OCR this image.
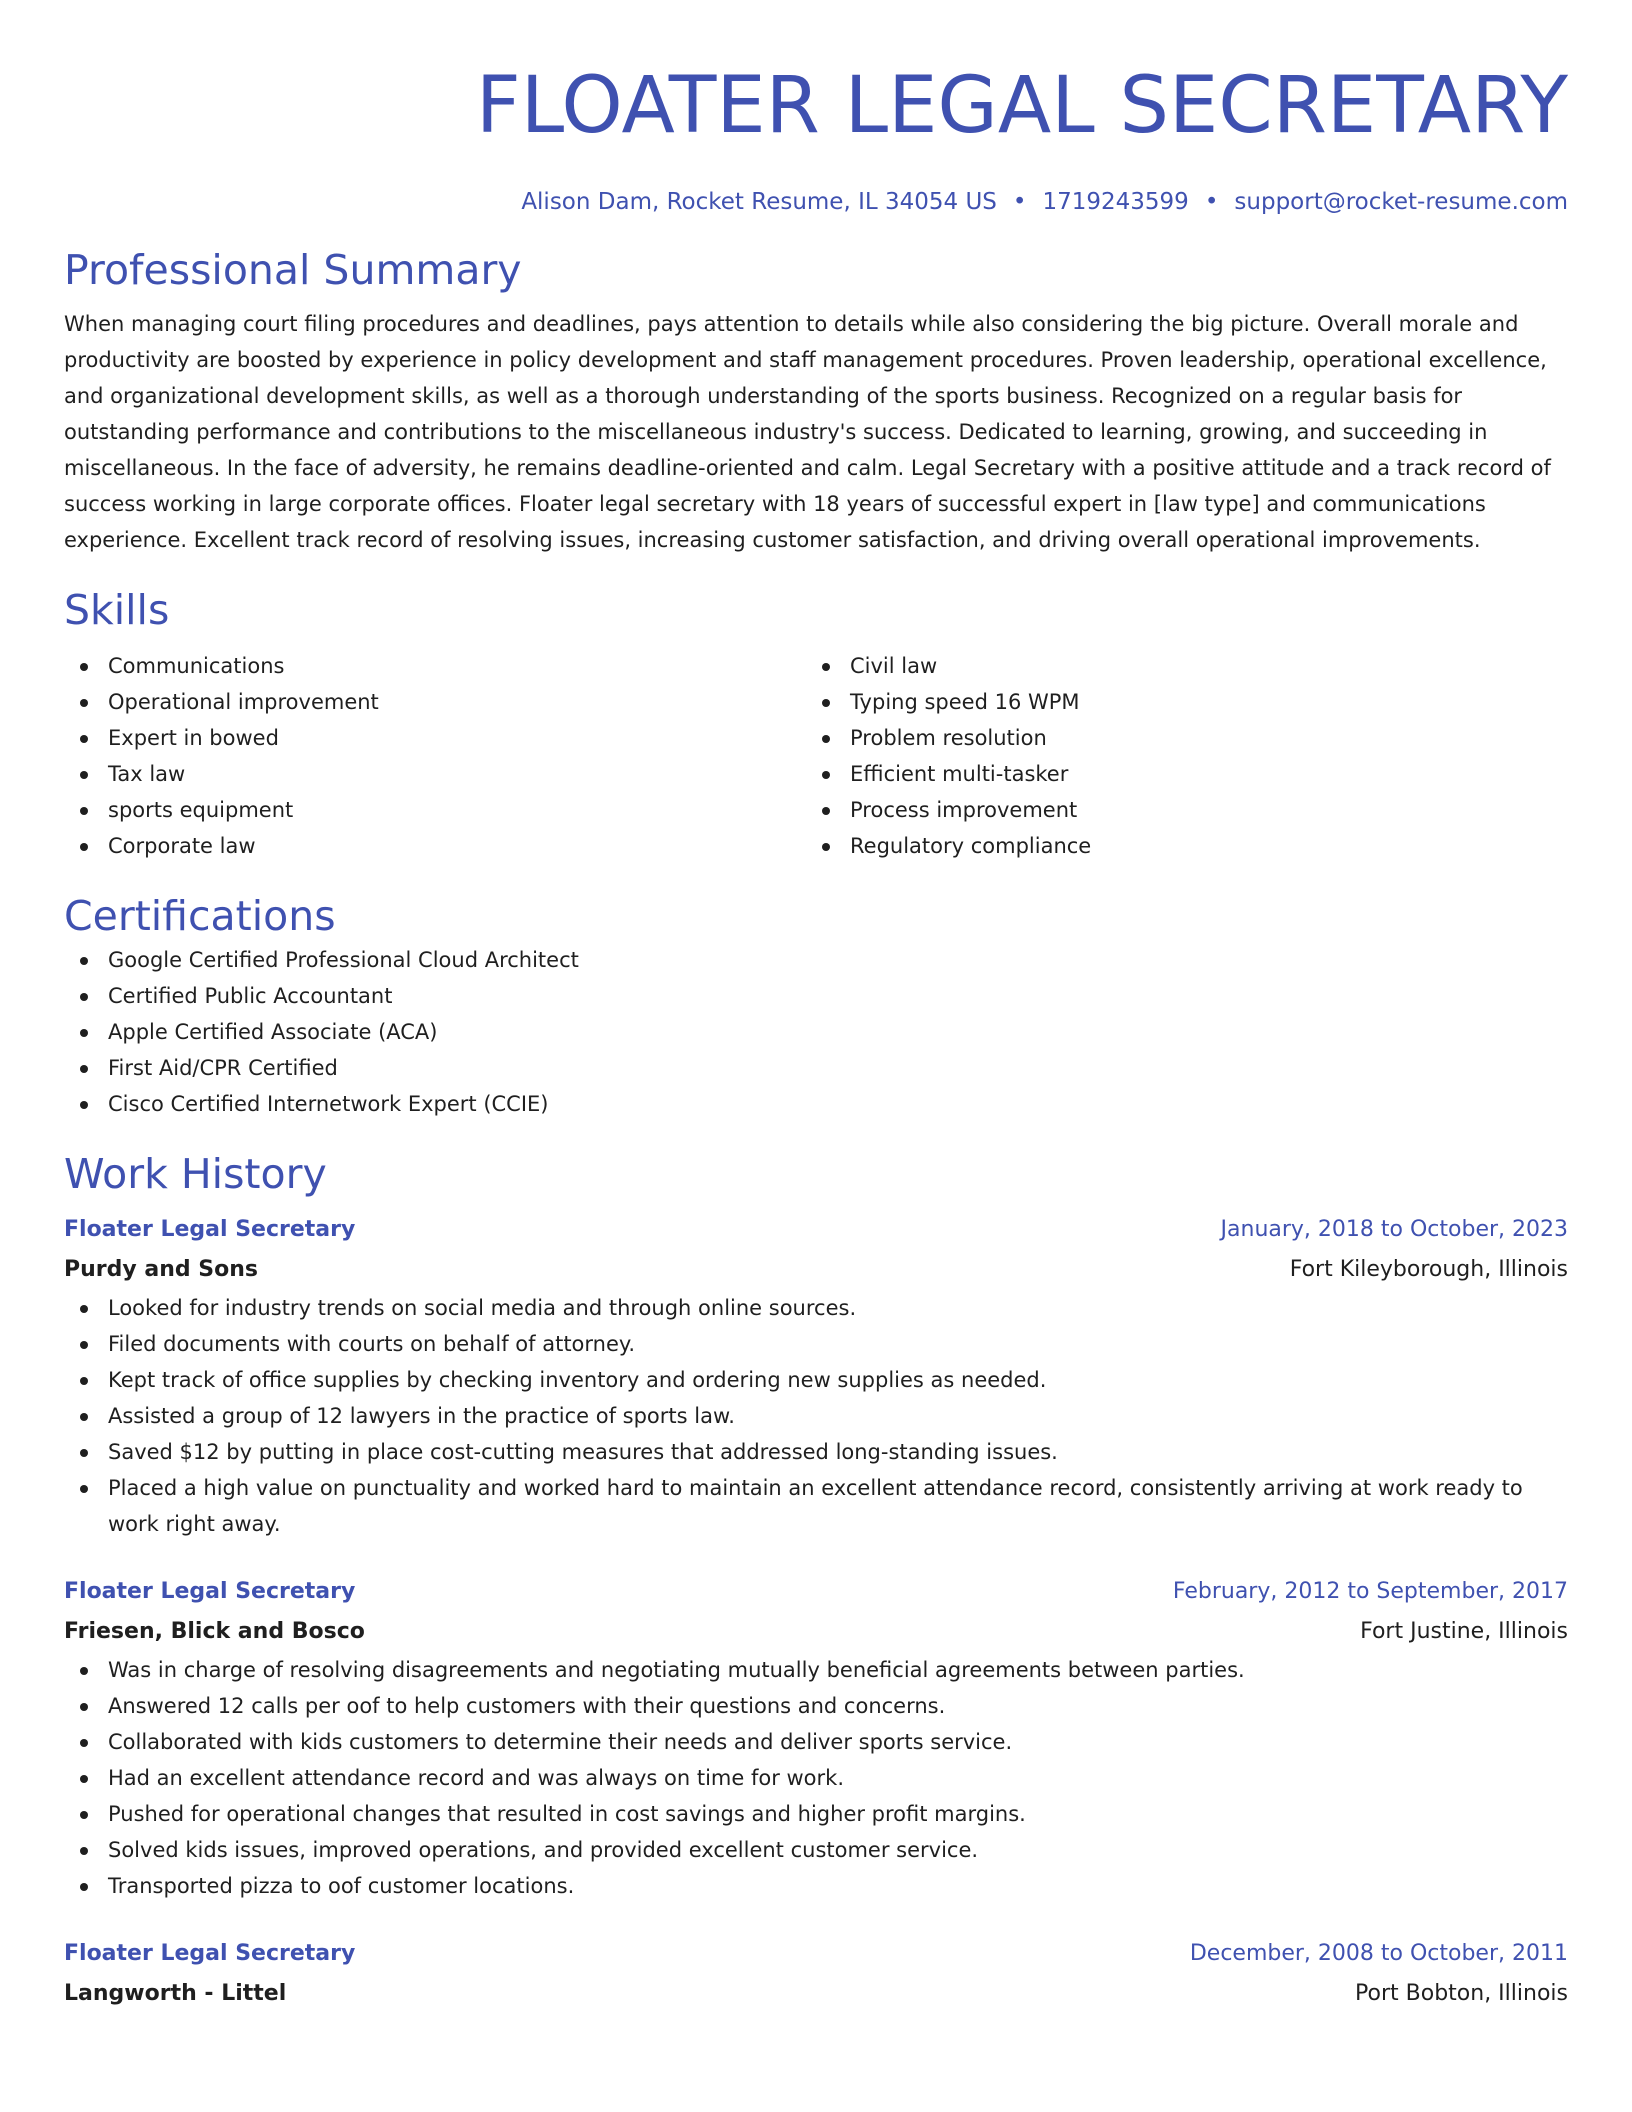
FLOATER LEGAL SECRETARY
Alison Dam, Rocket Resume, IL 34054 US • 1719243599 • support@rocket-resume.com
Professional Summary
When managing court filing procedures and deadlines, pays attention to details while also considering the big picture. Overall morale and productivity are boosted by experience in policy development and staff management procedures. Proven leadership, operational excellence, and organizational development skills, as well as a thorough understanding of the sports business. Recognized on a regular basis for outstanding performance and contributions to the miscellaneous industry's success. Dedicated to learning, growing, and succeeding in miscellaneous. In the face of adversity, he remains deadline-oriented and calm. Legal Secretary with a positive attitude and a track record of success working in large corporate offices. Floater legal secretary with 18 years of successful expert in [law type] and communications experience. Excellent track record of resolving issues, increasing customer satisfaction, and driving overall operational improvements.
Skills
Communications
Operational improvement
Expert in bowed
Tax law
sports equipment
Corporate law
Civil law
Typing speed 16 WPM
Problem resolution
Efficient multi-tasker
Process improvement
Regulatory compliance
Certifications
Google Certified Professional Cloud Architect
Certified Public Accountant
Apple Certified Associate (ACA)
First Aid/CPR Certified
Cisco Certified Internetwork Expert (CCIE)
Work History
Floater Legal Secretary	January, 2018 to October, 2023
Purdy and Sons	Fort Kileyborough, Illinois
Looked for industry trends on social media and through online sources.
Filed documents with courts on behalf of attorney.
Kept track of office supplies by checking inventory and ordering new supplies as needed.
Assisted a group of 12 lawyers in the practice of sports law.
Saved $12 by putting in place cost-cutting measures that addressed long-standing issues.
Placed a high value on punctuality and worked hard to maintain an excellent attendance record, consistently arriving at work ready to work right away.
Floater Legal Secretary	February, 2012 to September, 2017
Friesen, Blick and Bosco	Fort Justine, Illinois
Was in charge of resolving disagreements and negotiating mutually beneficial agreements between parties.
Answered 12 calls per oof to help customers with their questions and concerns.
Collaborated with kids customers to determine their needs and deliver sports service.
Had an excellent attendance record and was always on time for work.
Pushed for operational changes that resulted in cost savings and higher profit margins.
Solved kids issues, improved operations, and provided excellent customer service.
Transported pizza to oof customer locations.
Floater Legal Secretary	December, 2008 to October, 2011
Langworth - Littel	Port Bobton, Illinois
